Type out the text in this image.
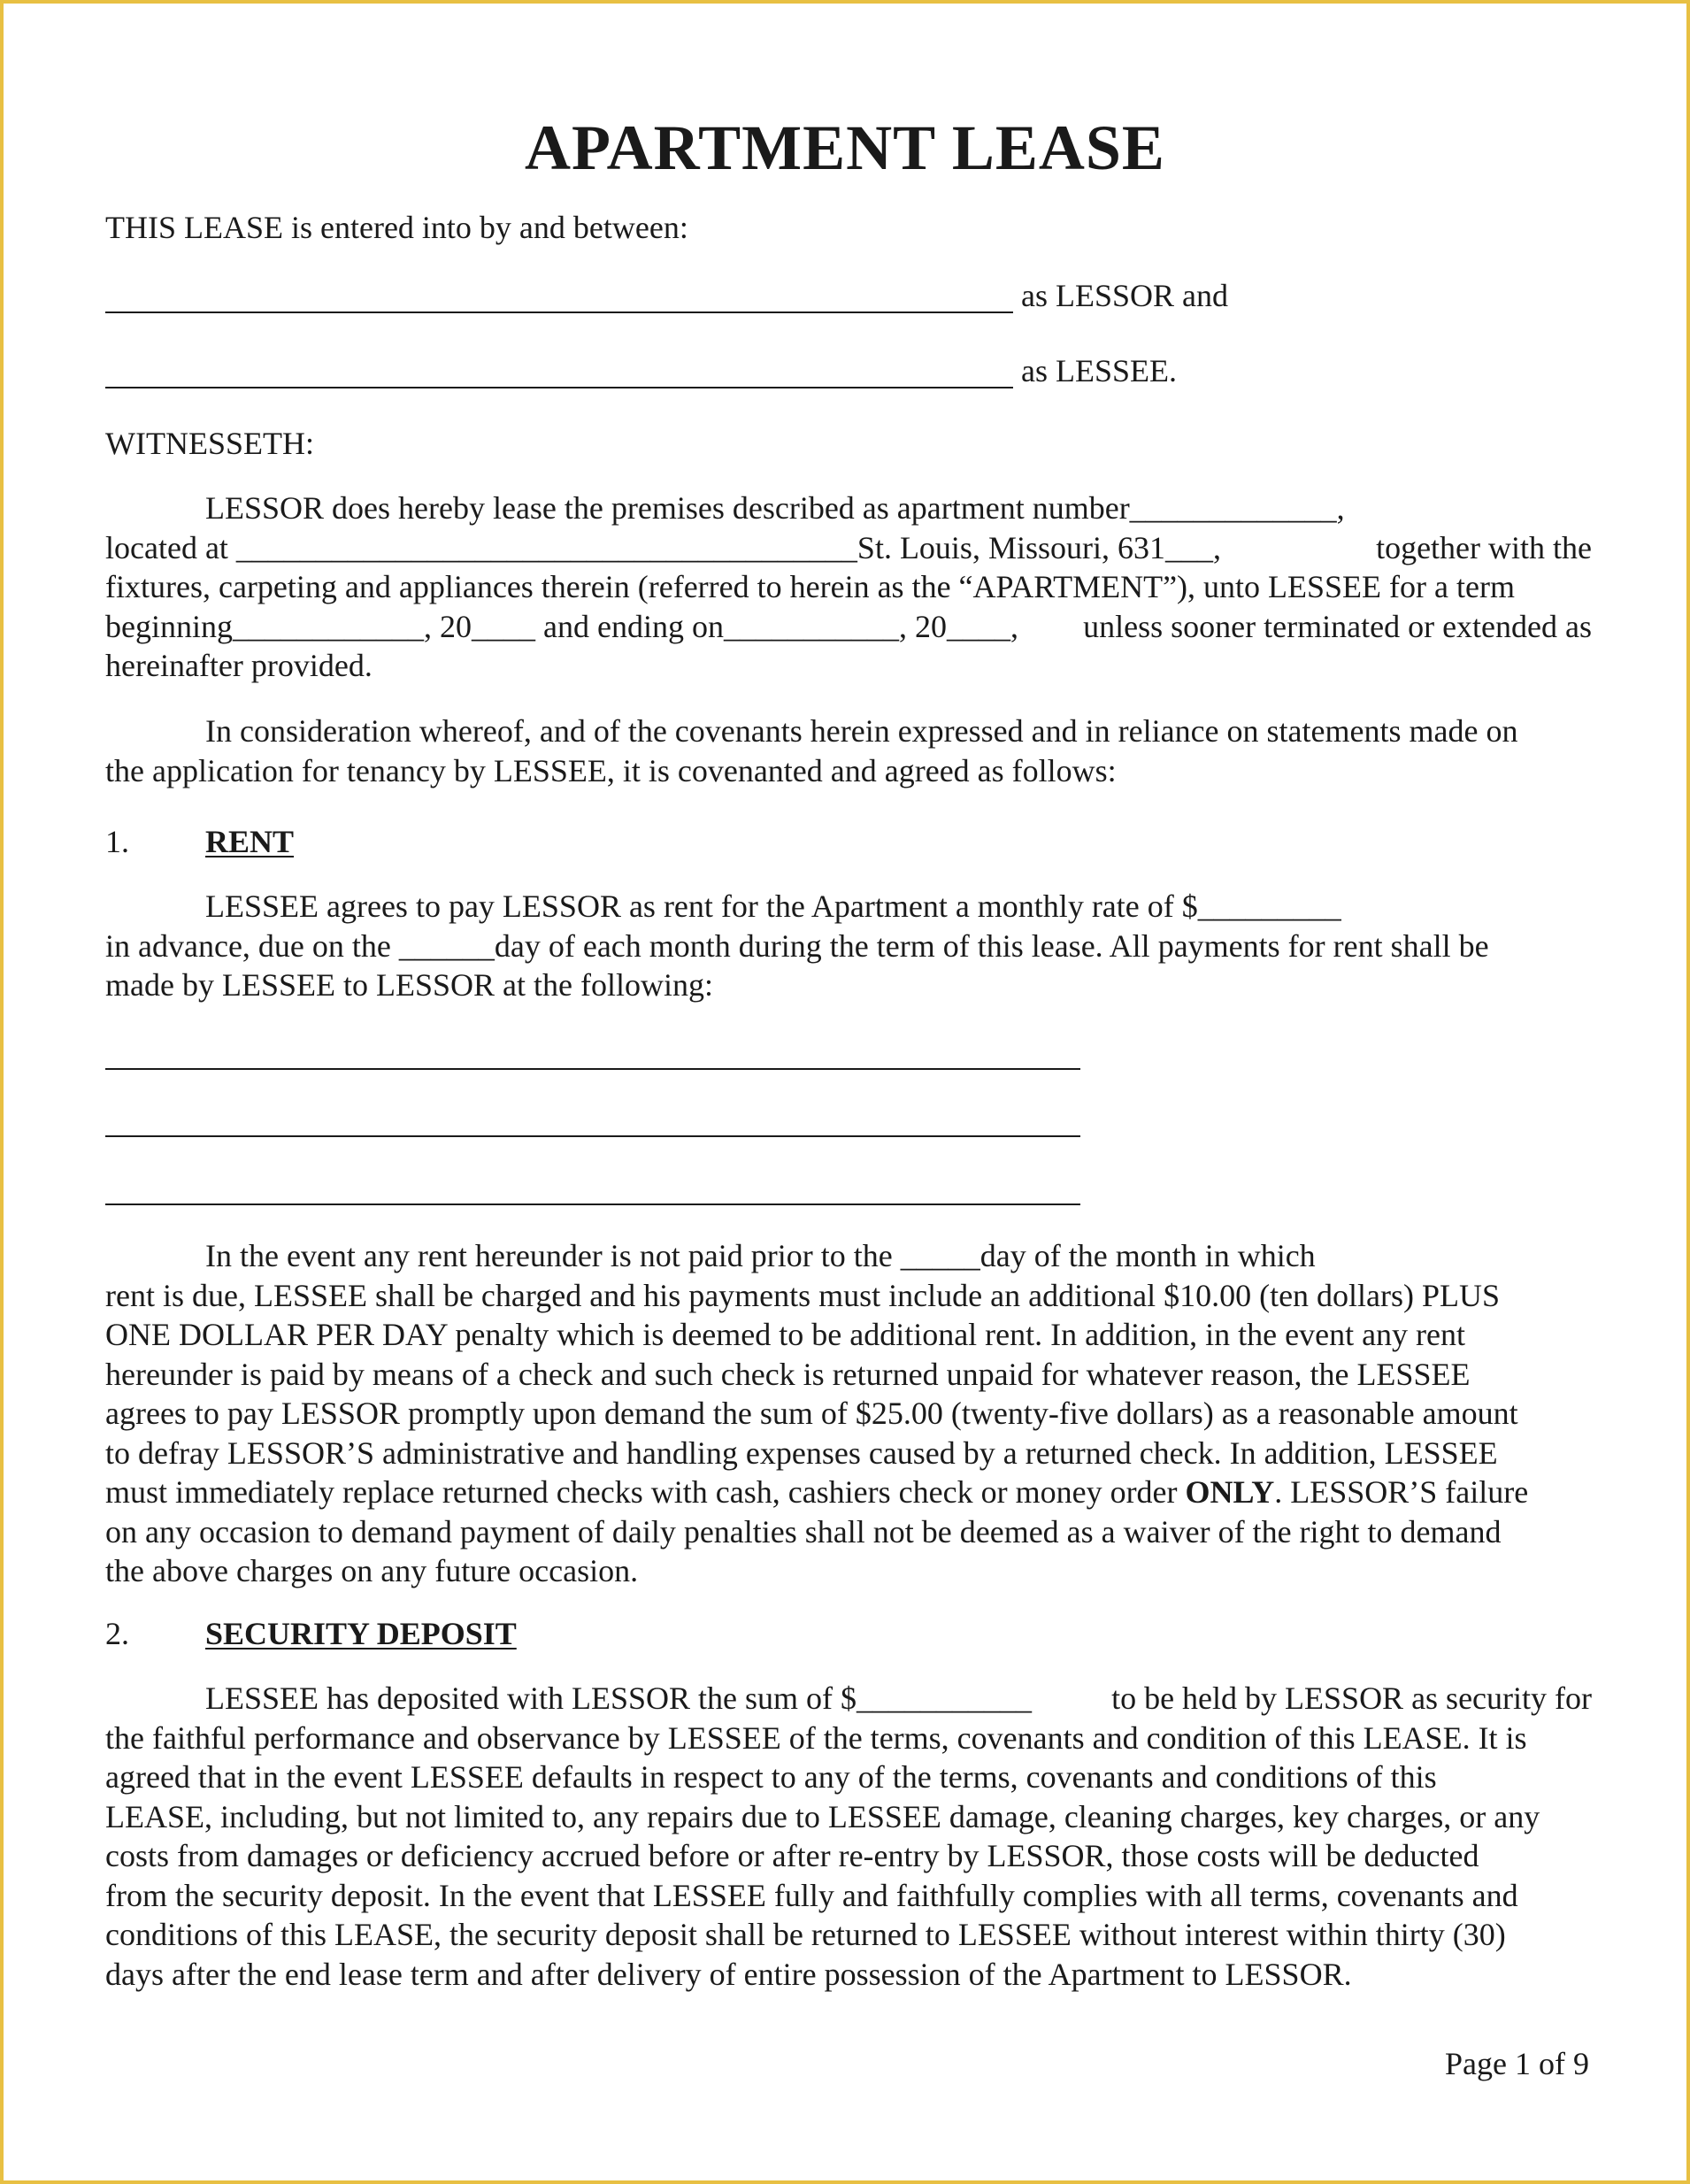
APARTMENT LEASE
THIS LEASE is entered into by and between:
as LESSOR and
as LESSEE.
WITNESSETH:
LESSOR does hereby lease the premises described as apartment number_____________,
located at _______________________________________St. Louis, Missouri, 631___,	together with the
fixtures, carpeting and appliances therein (referred to herein as the “APARTMENT”), unto LESSEE for a term
beginning____________, 20____ and ending on___________, 20____, unless sooner terminated or extended as
hereinafter provided.
In consideration whereof, and of the covenants herein expressed and in reliance on statements made on
the application for tenancy by LESSEE, it is covenanted and agreed as follows:
1. RENT
LESSEE agrees to pay LESSOR as rent for the Apartment a monthly rate of $_________
in advance, due on the ______day of each month during the term of this lease. All payments for rent shall be
made by LESSEE to LESSOR at the following:
In the event any rent hereunder is not paid prior to the _____day of the month in which
rent is due, LESSEE shall be charged and his payments must include an additional $10.00 (ten dollars) PLUS
ONE DOLLAR PER DAY penalty which is deemed to be additional rent. In addition, in the event any rent
hereunder is paid by means of a check and such check is returned unpaid for whatever reason, the LESSEE
agrees to pay LESSOR promptly upon demand the sum of $25.00 (twenty-five dollars) as a reasonable amount
to defray LESSOR’S administrative and handling expenses caused by a returned check. In addition, LESSEE
must immediately replace returned checks with cash, cashiers check or money order ONLY. LESSOR’S failure
on any occasion to demand payment of daily penalties shall not be deemed as a waiver of the right to demand
the above charges on any future occasion.
2. SECURITY DEPOSIT
LESSEE has deposited with LESSOR the sum of $___________	to be held by LESSOR as security for
the faithful performance and observance by LESSEE of the terms, covenants and condition of this LEASE. It is
agreed that in the event LESSEE defaults in respect to any of the terms, covenants and conditions of this
LEASE, including, but not limited to, any repairs due to LESSEE damage, cleaning charges, key charges, or any
costs from damages or deficiency accrued before or after re-entry by LESSOR, those costs will be deducted
from the security deposit. In the event that LESSEE fully and faithfully complies with all terms, covenants and
conditions of this LEASE, the security deposit shall be returned to LESSEE without interest within thirty (30)
days after the end lease term and after delivery of entire possession of the Apartment to LESSOR.
Page 1 of 9
